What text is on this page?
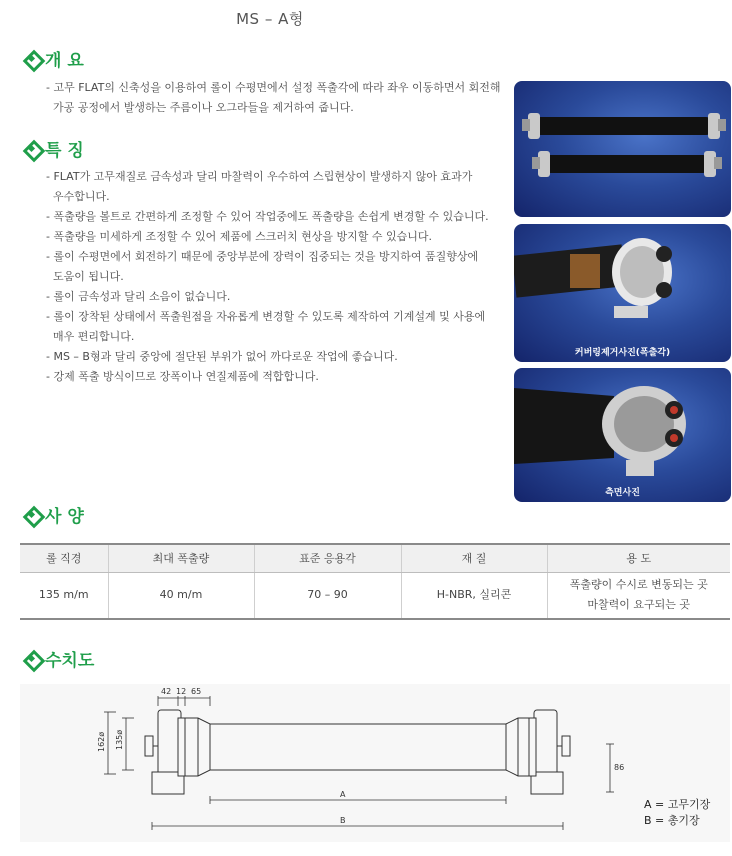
MS – A형
개 요
- 고무 FLAT의 신축성을 이용하여 롤이 수평면에서 설정 폭출각에 따라 좌우 이동하면서 회전해
가공 공정에서 발생하는 주름이나 오그라들을 제거하여 줍니다.
특 징
- FLAT가 고무재질로 금속성과 달리 마찰력이 우수하여 스립현상이 발생하지 않아 효과가
우수합니다.
- 폭출량을 볼트로 간편하게 조정할 수 있어 작업중에도 폭출량을 손쉽게 변경할 수 있습니다.
- 폭출량을 미세하게 조정할 수 있어 제품에 스크러치 현상을 방지할 수 있습니다.
- 롤이 수평면에서 회전하기 때문에 중앙부분에 장력이 집중되는 것을 방지하여 품질향상에
도움이 됩니다.
- 롤이 금속성과 달리 소음이 없습니다.
- 롤이 장착된 상태에서 폭출원점을 자유롭게 변경할 수 있도록 제작하여 기계설계 및 사용에
매우 편리합니다.
- MS – B형과 달리 중앙에 절단된 부위가 없어 까다로운 작업에 좋습니다.
- 강제 폭출 방식이므로 장폭이나 연질제품에 적합합니다.
커버링제거사진(폭출각)
측면사진
사 양
롤 직경	최대 폭출량	표준 응용각	재 질	용 도
135 m/m	40 m/m	70 – 90	H-NBR, 실리콘	폭출량이 수시로 변동되는 곳
마찰력이 요구되는 곳
수치도
42 12 65
162ø 135ø
86
A
B
A = 고무기장
B = 총기장
